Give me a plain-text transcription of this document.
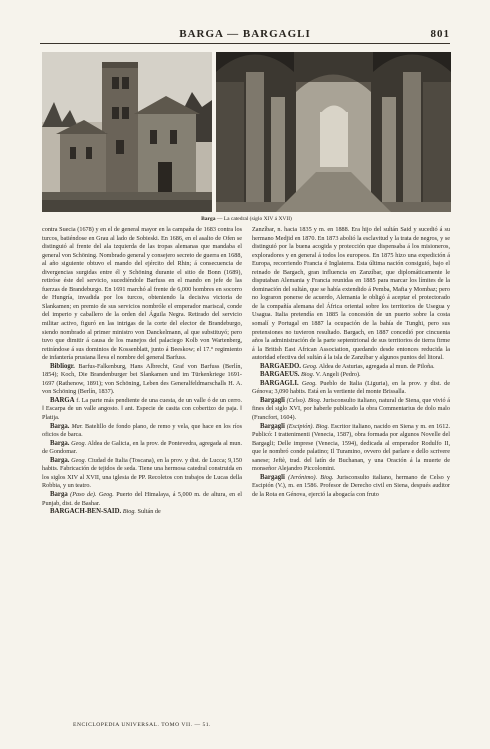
BARGA — BARGAGLI	801
Barga — La catedral (siglo XIV á XVII)

contra Suecia (1678) y en el de general mayor en la campaña de 1683 contra los turcos, batiéndose en Grau al lado de Sobieski. En 1686, en el asalto de Ofen se distinguió al frente del ala izquierda de las tropas alemanas que mandaba el general von Schöning. Nombrado general y consejero secreto de guerra en 1688, al año siguiente obtuvo el mando del ejército del Rhin; á consecuencia de divergencias surgidas entre él y Schöning durante el sitio de Bonn (1689), retiróse éste del servicio, sucediéndole Barfuss en el mando en jefe de las fuerzas de Brandeburgo. En 1691 marchó al frente de 6,000 hombres en socorro de Hungría, invadida por los turcos, obteniendo la decisiva victoria de Slankamen; en premio de sus servicios nombróle el emperador mariscal, conde del imperio y caballero de la orden del Águila Negra. Retirado del servicio militar activo, figuró en las intrigas de la corte del elector de Brandeburgo, siendo nombrado al primer ministro von Danckelmann, al que substituyó; pero tuvo que dimitir á causa de los manejos del palaciego Kolb von Wartenberg, retirándose á sus dominios de Kossenblatt, junto á Beeskow; el 17.° regimiento de infantería prusiana lleva el nombre del general Barfuss.

Bibliogr. Barfus-Falkenburg, Hans Albrecht, Graf von Barfuss (Berlín, 1854); Koch, Die Brandenburger bei Slankamen und im Türkenkriege 1691-1697 (Rathenow, 1891); von Schöning, Leben des Generalfeldmarschalls H. A. von Schöning (Berlín, 1837).

BARGA f. La parte más pendiente de una cuesta, de un valle ó de un cerro. ‖ Escarpa de un valle angosto. ‖ ant. Especie de casita con cobertizo de paja. ‖ Platija.

Barga. Mar. Batelillo de fondo plano, de remo y vela, que hace en los ríos oficios de barca.

Barga. Geog. Aldea de Galicia, en la prov. de Pontevedra, agregada al mun. de Gondomar.

Barga. Geog. Ciudad de Italia (Toscana), en la prov. y dist. de Lucca; 9,150 habits. Fabricación de tejidos de seda. Tiene una hermosa catedral construida en los siglos XIV al XVII, una iglesia de PP. Recoletos con trabajos de Lucas della Robbia, y un teatro.

Barga (Paso de). Geog. Puerto del Himalaya, á 5,000 m. de altura, en el Punjab, dist. de Bashar.

BARGACH-BEN-SAID. Biog. Sultán de

Zanzíbar, n. hacia 1835 y m. en 1888. Era hijo del sultán Said y sucedió á su hermano Medjid en 1870. En 1873 abolió la esclavitud y la trata de negros, y se distinguió por la buena acogida y protección que dispensaba á los misioneros, exploradores y en general á todos los europeos. En 1875 hizo una expedición á Europa, recorriendo Francia é Inglaterra. Esta última nación consiguió, bajo el reinado de Bargach, gran influencia en Zanzíbar, que diplomáticamente le disputaban Alemania y Francia reunidas en 1885 para marcar los límites de la dominación del sultán, que se había extendido á Pemba, Mafia y Mombaz; pero no lograron ponerse de acuerdo, Alemania le obligó á aceptar el protectorado de la compañía alemana del África oriental sobre los territorios de Usegua y Usagua. Italia pretendía en 1885 la concesión de un puerto sobre la costa somalí y Portugal en 1887 la ocupación de la bahía de Tunghi, pero sus pretensiones no tuvieron resultado. Bargach, en 1887 concedió por cincuenta años la administración de la parte septentrional de sus territorios de tierra firme á la British East African Association, quedando desde entonces reducida la autoridad efectiva del sultán á la isla de Zanzíbar y algunos puntos del litoral.

BARGAEDO. Geog. Aldea de Asturias, agregada al mun. de Piloña.

BARGAEUS. Biog. V. Angeli (Pedro).

BARGAGLI. Geog. Pueblo de Italia (Liguria), en la prov. y dist. de Génova; 3,090 habits. Está en la vertiente del monte Brissalla.

Bargagli (Celso). Biog. Jurisconsulto italiano, natural de Siena, que vivió á fines del siglo XVI, por haberle publicado la obra Commentarius de dolo malo (Francfort, 1604).

Bargagli (Escipión). Biog. Escritor italiano, nacido en Siena y m. en 1612. Publicó: I trattenimenti (Venecia, 1587), obra formada por algunos Novelle del Bargagli; Delle imprese (Venecia, 1594), dedicada al emperador Rodulfo II, que le nombró conde palatino; Il Turamino, ovvero del parlare e dello scrivere sanese; Jeftè, trad. del latín de Buchanan, y una Oración á la muerte de monseñor Alejandro Piccolomini.

Bargagli (Jerónimo). Biog. Jurisconsulto italiano, hermano de Celso y Escipión (V.), m. en 1586. Profesor de Derecho civil en Siena, después auditor de la Rota en Génova, ejerció la abogacía con fruto

ENCICLOPEDIA UNIVERSAL. TOMO VII. — 51.
